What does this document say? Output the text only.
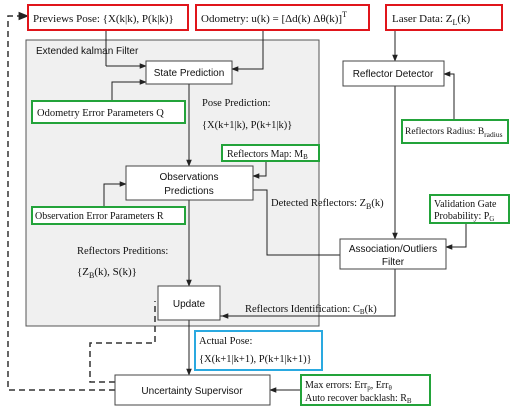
Extended kalman Filter
Previews Pose: {X(k|k), P(k|k)} Odometry: u(k) = [Δd(k) Δθ(k)]$^T$	Laser Data: $Z_L(k)$
State Prediction
Odometry Error Parameters Q
Pose Prediction:
{X(k+1|k), P(k+1|k)}
Reflectors Map: $M_B$
Observations
Predictions
Observation Error Parameters R
Reflectors Preditions:
{$Z_B(k)$, S(k)}
Update
Reflector Detector
Reflectors Radius: $B_{radius}$
Detected Reflectors: $Z_B(k)$	Validation Gate
Probability: $P_G$
Association/Outliers
Filter
Reflectors Identification: CB(k)
Actual Pose:
{X(k+1|k+1), P(k+1|k+1)}
Uncertainty Supervisor
Max errors: Err$_p$, Err$_\theta$
Auto recover backlash: $R_B$
